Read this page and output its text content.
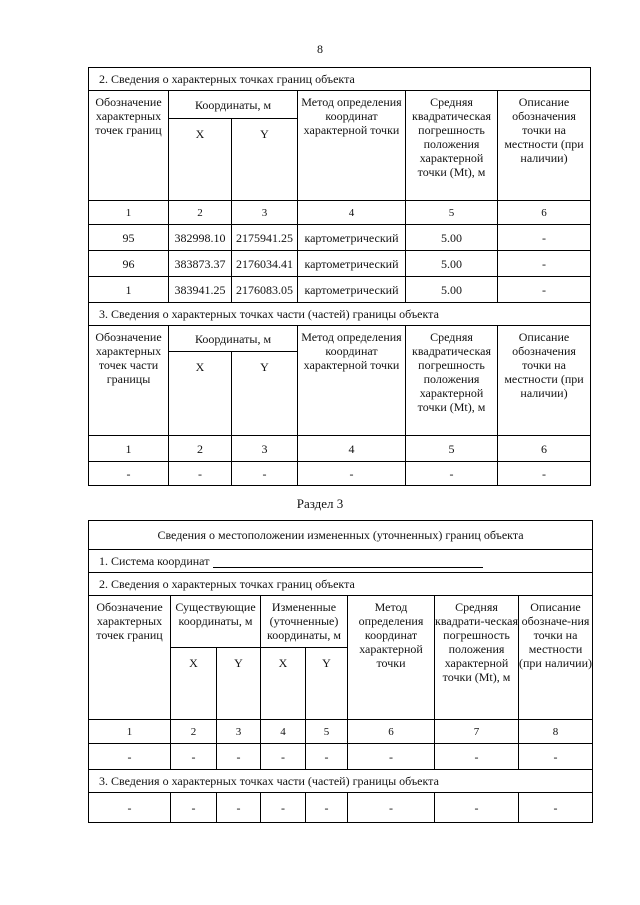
8
2. Сведения о характерных точках границ объекта					
Обозначение характерных точек границ	Координаты, м		Метод определения координат характерной точки	Средняя квадратическая погрешность положения характерной точки (Mt), м	Описание обозначения точки на местности (при наличии)
	X	Y			
1	2	3	4	5	6
95	382998.10	2175941.25	картометрический	5.00	-
96	383873.37	2176034.41	картометрический	5.00	-
1	383941.25	2176083.05	картометрический	5.00	-
3. Сведения о характерных точках части (частей) границы объекта					
Обозначение характерных точек части границы	Координаты, м		Метод определения координат характерной точки	Средняя квадратическая погрешность положения характерной точки (Mt), м	Описание обозначения точки на местности (при наличии)
	X	Y			
1	2	3	4	5	6
-	-	-	-	-	-
Раздел 3
Сведения о местоположении измененных (уточненных) границ объекта							
1. Система координат							
2. Сведения о характерных точках границ объекта							
Обозначение характерных точек границ	Существующие координаты, м		Измененные (уточненные) координаты, м		Метод определения координат характерной точки	Средняя квадрати-ческая погрешность положения характерной точки (Mt), м	Описание обозначе-ния точки на местности (при наличии)
	X	Y	X	Y			
1	2	3	4	5	6	7	8
-	-	-	-	-	-	-	-
3. Сведения о характерных точках части (частей) границы объекта							
-	-	-	-	-	-	-	-
